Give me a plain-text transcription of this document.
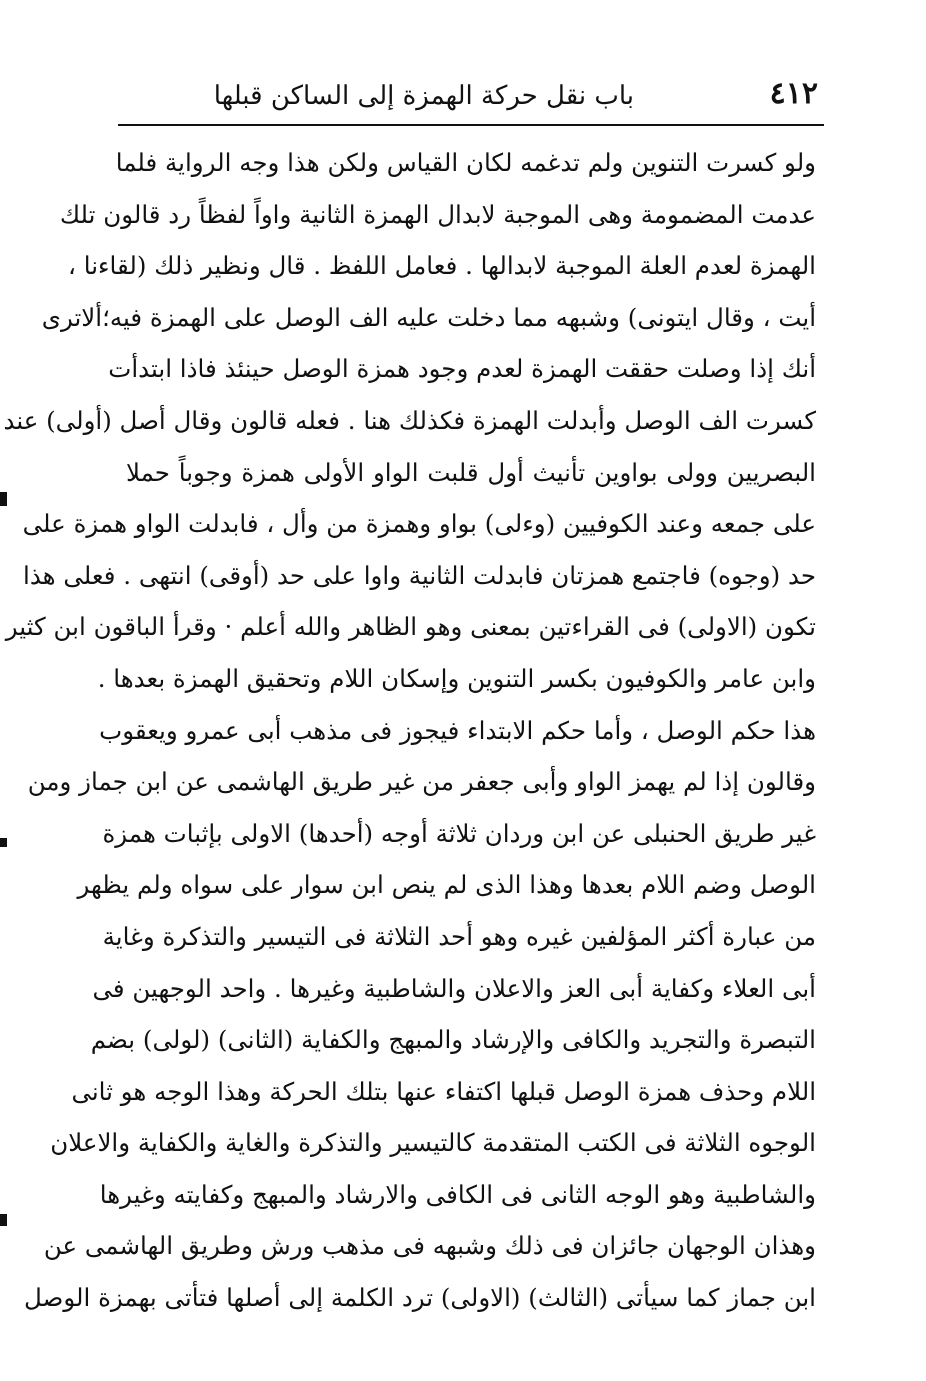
٤١٢
باب نقل حركة الهمزة إلى الساكن قبلها
ولو كسرت التنوين ولم تدغمه لكان القياس ولكن هذا وجه الرواية فلما
عدمت المضمومة وهى الموجبة لابدال الهمزة الثانية واواً لفظاً رد قالون تلك
الهمزة لعدم العلة الموجبة لابدالها . فعامل اللفظ . قال ونظير ذلك (لقاءنا ،
أيت ، وقال ايتونى) وشبهه مما دخلت عليه الف الوصل على الهمزة فيه؛ألاترى
أنك إذا وصلت حققت الهمزة لعدم وجود همزة الوصل حينئذ فاذا ابتدأت
كسرت الف الوصل وأبدلت الهمزة فكذلك هنا . فعله قالون وقال أصل (أولى) عند
البصريين وولى بواوين تأنيث أول قلبت الواو الأولى همزة وجوباً حملا
على جمعه وعند الكوفيين (وءلى) بواو وهمزة من وأل ، فابدلت الواو همزة على
حد (وجوه) فاجتمع همزتان فابدلت الثانية واوا على حد (أوقى) انتهى . فعلى هذا
تكون (الاولى) فى القراءتين بمعنى وهو الظاهر والله أعلم · وقرأ الباقون ابن كثير
وابن عامر والكوفيون بكسر التنوين وإسكان اللام وتحقيق الهمزة بعدها .
هذا حكم الوصل ، وأما حكم الابتداء فيجوز فى مذهب أبى عمرو ويعقوب
وقالون إذا لم يهمز الواو وأبى جعفر من غير طريق الهاشمى عن ابن جماز ومن
غير طريق الحنبلى عن ابن وردان ثلاثة أوجه (أحدها) الاولى بإثبات همزة
الوصل وضم اللام بعدها وهذا الذى لم ينص ابن سوار على سواه ولم يظهر
من عبارة أكثر المؤلفين غيره وهو أحد الثلاثة فى التيسير والتذكرة وغاية
أبى العلاء وكفاية أبى العز والاعلان والشاطبية وغيرها . واحد الوجهين فى
التبصرة والتجريد والكافى والإرشاد والمبهج والكفاية (الثانى) (لولى) بضم
اللام وحذف همزة الوصل قبلها اكتفاء عنها بتلك الحركة وهذا الوجه هو ثانى
الوجوه الثلاثة فى الكتب المتقدمة كالتيسير والتذكرة والغاية والكفاية والاعلان
والشاطبية وهو الوجه الثانى فى الكافى والارشاد والمبهج وكفايته وغيرها
وهذان الوجهان جائزان فى ذلك وشبهه فى مذهب ورش وطريق الهاشمى عن
ابن جماز كما سيأتى (الثالث) (الاولى) ترد الكلمة إلى أصلها فتأتى بهمزة الوصل
